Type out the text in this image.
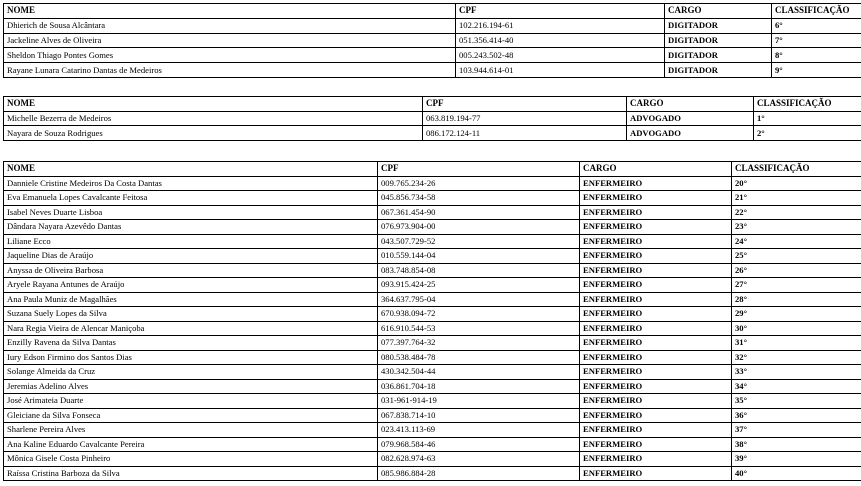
NOME	CPF	CARGO	CLASSIFICAÇÃO
Dhierich de Sousa Alcântara	102.216.194-61	DIGITADOR	6°
Jackeline Alves de Oliveira	051.356.414-40	DIGITADOR	7°
Sheldon Thiago Pontes Gomes	005.243.502-48	DIGITADOR	8°
Rayane Lunara Catarino Dantas de Medeiros	103.944.614-01	DIGITADOR	9°
NOME	CPF	CARGO	CLASSIFICAÇÃO
Michelle Bezerra de Medeiros	063.819.194-77	ADVOGADO	1°
Nayara de Souza Rodrigues	086.172.124-11	ADVOGADO	2°
NOME	CPF	CARGO	CLASSIFICAÇÃO
Danniele Cristine Medeiros Da Costa Dantas	009.765.234-26	ENFERMEIRO	20°
Eva Emanuela Lopes Cavalcante Feitosa	045.856.734-58	ENFERMEIRO	21°
Isabel Neves Duarte Lisboa	067.361.454-90	ENFERMEIRO	22°
Dândara Nayara Azevêdo Dantas	076.973.904-00	ENFERMEIRO	23°
Liliane Ecco	043.507.729-52	ENFERMEIRO	24°
Jaqueline Dias de Araújo	010.559.144-04	ENFERMEIRO	25°
Anyssa de Oliveira Barbosa	083.748.854-08	ENFERMEIRO	26°
Aryele Rayana Antunes de Araújo	093.915.424-25	ENFERMEIRO	27°
Ana Paula Muniz de Magalhães	364.637.795-04	ENFERMEIRO	28°
Suzana Suely Lopes da Silva	670.938.094-72	ENFERMEIRO	29°
Nara Regia Vieira de Alencar Maniçoba	616.910.544-53	ENFERMEIRO	30°
Enzilly Ravena da Silva Dantas	077.397.764-32	ENFERMEIRO	31°
Iury Edson Firmino dos Santos Dias	080.538.484-78	ENFERMEIRO	32°
Solange Almeida da Cruz	430.342.504-44	ENFERMEIRO	33°
Jeremias Adelino Alves	036.861.704-18	ENFERMEIRO	34°
José Arimateia Duarte	031-961-914-19	ENFERMEIRO	35°
Gleiciane da Silva Fonseca	067.838.714-10	ENFERMEIRO	36°
Sharlene Pereira Alves	023.413.113-69	ENFERMEIRO	37°
Ana Kaline Eduardo Cavalcante Pereira	079.968.584-46	ENFERMEIRO	38°
Mônica Gisele Costa Pinheiro	082.628.974-63	ENFERMEIRO	39°
Raíssa Cristina Barboza da Silva	085.986.884-28	ENFERMEIRO	40°
